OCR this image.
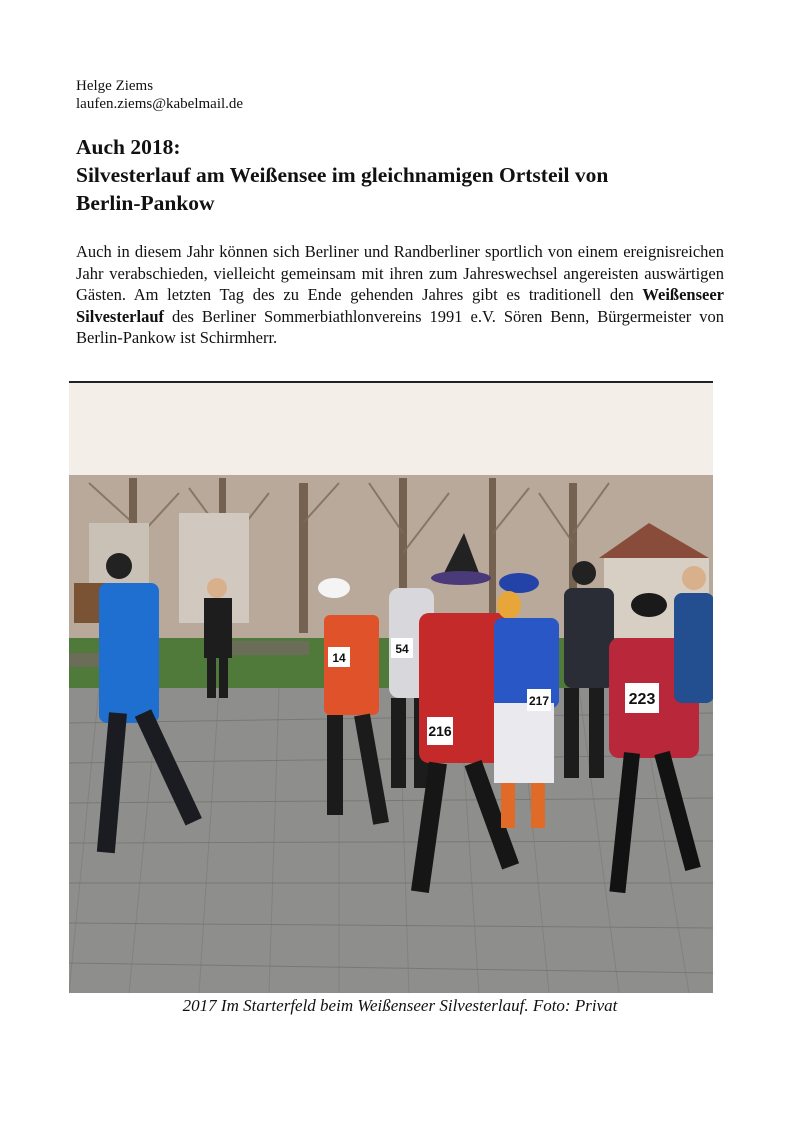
Helge Ziems
laufen.ziems@kabelmail.de
Auch 2018:
Silvesterlauf am Weißensee im gleichnamigen Ortsteil von
Berlin-Pankow

Auch in diesem Jahr können sich Berliner und Randberliner sportlich von einem ereignisreichen Jahr verabschieden, vielleicht gemeinsam mit ihren zum Jahreswechsel angereisten auswärtigen Gästen. Am letzten Tag des zu Ende gehenden Jahres gibt es traditionell den Weißenseer Silvesterlauf des Berliner Sommerbiathlonvereins 1991 e.V. Sören Benn, Bürgermeister von Berlin-Pankow ist Schirmherr.

14
54
216
217	223
2017 Im Starterfeld beim Weißenseer Silvesterlauf. Foto: Privat
